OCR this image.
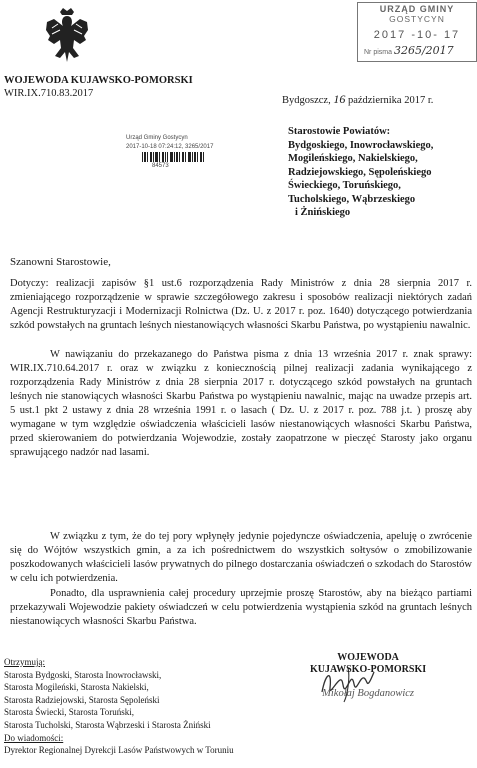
WOJEWODA KUJAWSKO-POMORSKI
WIR.IX.710.83.2017
URZĄD GMINY
GOSTYCYN
2017 -10- 17
Nr pisma 3265/2017
Bydgoszcz, 16 października 2017 r.
Urząd Gminy Gostycyn
2017-10-18 07:24:12, 3265/2017
84573
Starostowie Powiatów:
Bydgoskiego, Inowrocławskiego,
Mogileńskiego, Nakielskiego,
Radziejowskiego, Sępoleńskiego
Świeckiego, Toruńskiego,
Tucholskiego, Wąbrzeskiego
i Żnińskiego
Szanowni Starostowie,
Dotyczy: realizacji zapisów §1 ust.6 rozporządzenia Rady Ministrów z dnia 28 sierpnia 2017 r. zmieniającego rozporządzenie w sprawie szczegółowego zakresu i sposobów realizacji niektórych zadań Agencji Restrukturyzacji i Modernizacji Rolnictwa (Dz. U. z 2017 r. poz. 1640) dotyczącego potwierdzania szkód powstałych na gruntach leśnych niestanowiących własności Skarbu Państwa, po wystąpieniu nawalnic.
W nawiązaniu do przekazanego do Państwa pisma z dnia 13 września 2017 r. znak sprawy: WIR.IX.710.64.2017 r. oraz w związku z koniecznością pilnej realizacji zadania wynikającego z rozporządzenia Rady Ministrów z dnia 28 sierpnia 2017 r. dotyczącego szkód powstałych na gruntach leśnych nie stanowiących własności Skarbu Państwa po wystąpieniu nawalnic, mając na uwadze przepis art. 5 ust.1 pkt 2 ustawy z dnia 28 września 1991 r. o lasach ( Dz. U. z 2017 r. poz. 788 j.t. ) proszę aby wymagane w tym względzie oświadczenia właścicieli lasów niestanowiących własności Skarbu Państwa, przed skierowaniem do potwierdzania Wojewodzie, zostały zaopatrzone w pieczęć Starosty jako organu sprawującego nadzór nad lasami.
W związku z tym, że do tej pory wpłynęły jedynie pojedyncze oświadczenia, apeluję o zwrócenie się do Wójtów wszystkich gmin, a za ich pośrednictwem do wszystkich sołtysów o zmobilizowanie poszkodowanych właścicieli lasów prywatnych do pilnego dostarczania oświadczeń o szkodach do Starostów w celu ich potwierdzenia.
Ponadto, dla usprawnienia całej procedury uprzejmie proszę Starostów, aby na bieżąco partiami przekazywali Wojewodzie pakiety oświadczeń w celu potwierdzenia wystąpienia szkód na gruntach leśnych niestanowiących własności Skarbu Państwa.
WOJEWODA
KUJAWSKO-POMORSKI
Mikołaj Bogdanowicz
Otrzymują:
Starosta Bydgoski, Starosta Inowrocławski,
Starosta Mogileński, Starosta Nakielski,
Starosta Radziejowski, Starosta Sępoleński
Starosta Świecki, Starosta Toruński,
Starosta Tucholski, Starosta Wąbrzeski i Starosta Żniński
Do wiadomości:
Dyrektor Regionalnej Dyrekcji Lasów Państwowych w Toruniu
